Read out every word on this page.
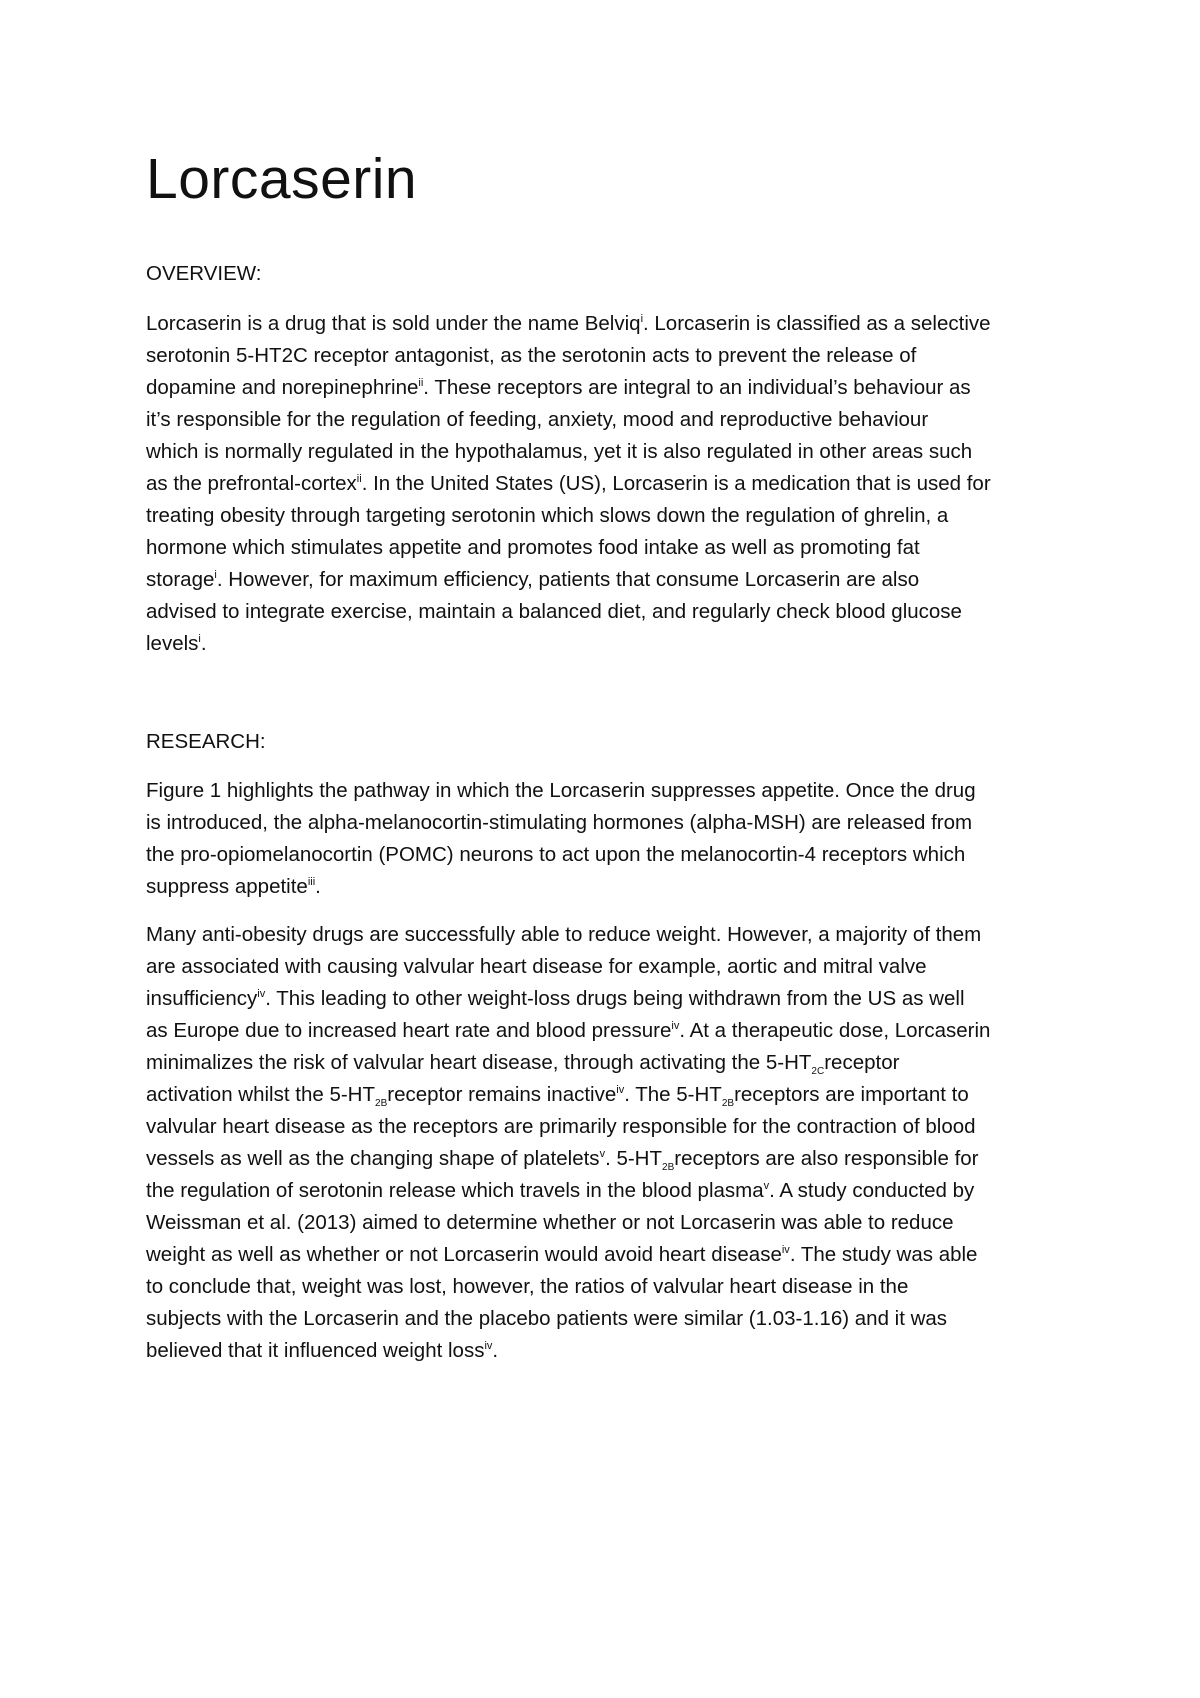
Lorcaserin
OVERVIEW:
Lorcaserin is a drug that is sold under the name Belviq$^i$. Lorcaserin is classified as a selective
serotonin 5-HT2C receptor antagonist, as the serotonin acts to prevent the release of
dopamine and norepinephrine$^{ii}$. These receptors are integral to an individual’s behaviour as
it’s responsible for the regulation of feeding, anxiety, mood and reproductive behaviour
which is normally regulated in the hypothalamus, yet it is also regulated in other areas such
as the prefrontal-cortex$^{ii}$. In the United States (US), Lorcaserin is a medication that is used for
treating obesity through targeting serotonin which slows down the regulation of ghrelin, a
hormone which stimulates appetite and promotes food intake as well as promoting fat
storage$^i$. However, for maximum efficiency, patients that consume Lorcaserin are also
advised to integrate exercise, maintain a balanced diet, and regularly check blood glucose
levels$^i$.
RESEARCH:
Figure 1 highlights the pathway in which the Lorcaserin suppresses appetite. Once the drug
is introduced, the alpha-melanocortin-stimulating hormones (alpha-MSH) are released from
the pro-opiomelanocortin (POMC) neurons to act upon the melanocortin-4 receptors which
suppress appetite$^{iii}$.
Many anti-obesity drugs are successfully able to reduce weight. However, a majority of them
are associated with causing valvular heart disease for example, aortic and mitral valve
insufficiency$^{iv}$. This leading to other weight-loss drugs being withdrawn from the US as well
as Europe due to increased heart rate and blood pressure$^{iv}$. At a therapeutic dose, Lorcaserin
minimalizes the risk of valvular heart disease, through activating the $5-HT_{2C}receptor$
activation whilst the $5-HT_{2B}receptor$ remains inactive$^{iv}$. The $5-HT_{2B}receptors$ are important to
valvular heart disease as the receptors are primarily responsible for the contraction of blood
vessels as well as the changing shape of platelets$^v$. $5-HT_{2B}receptors$ are also responsible for
the regulation of serotonin release which travels in the blood plasma$^v$. A study conducted by
Weissman et al. (2013) aimed to determine whether or not Lorcaserin was able to reduce
weight as well as whether or not Lorcaserin would avoid heart disease$^{iv}$. The study was able
to conclude that, weight was lost, however, the ratios of valvular heart disease in the
subjects with the Lorcaserin and the placebo patients were similar (1.03-1.16) and it was
believed that it influenced weight loss$^{iv}$.
